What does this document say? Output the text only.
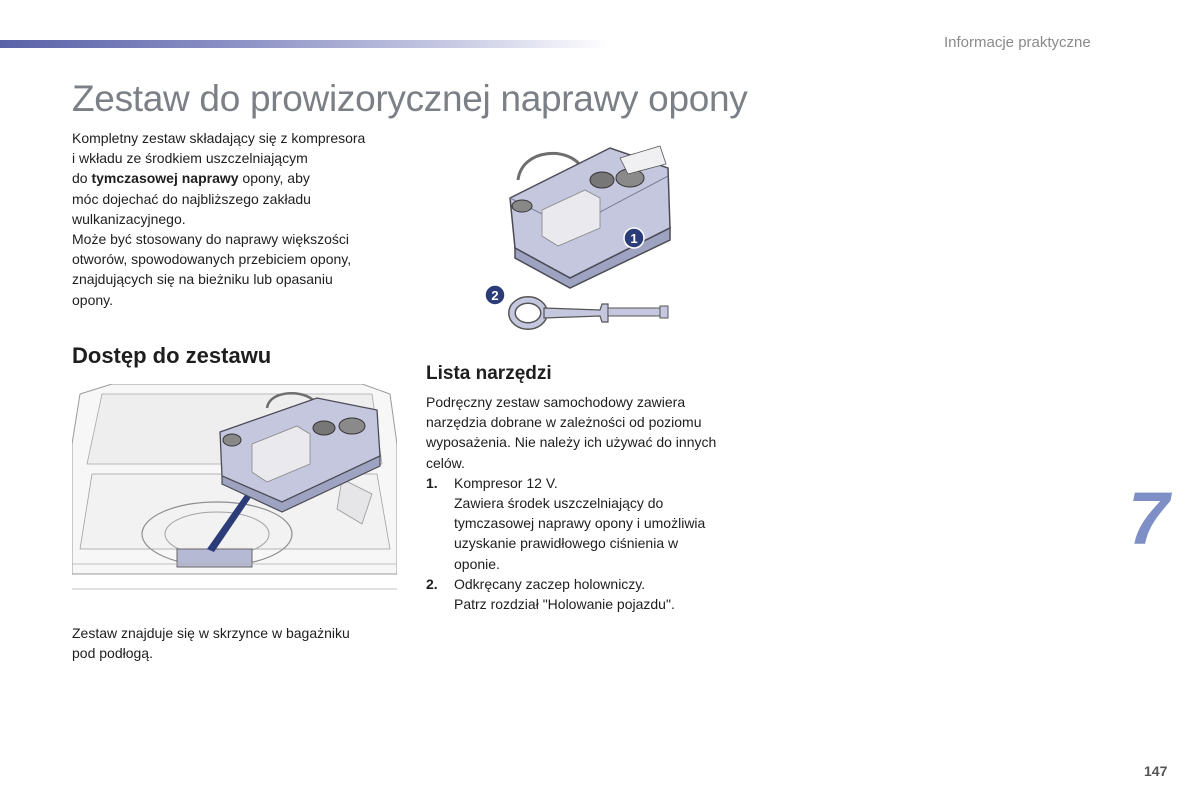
Informacje praktyczne
Zestaw do prowizorycznej naprawy opony

Kompletny zestaw składający się z kompresora

i wkładu ze środkiem uszczelniającym

do tymczasowej naprawy opony, aby

móc dojechać do najbliższego zakładu

wulkanizacyjnego.

Może być stosowany do naprawy większości

otworów, spowodowanych przebiciem opony,

znajdujących się na bieżniku lub opasaniu

opony.

1
2
Dostęp do zestawu

Zestaw znajduje się w skrzynce w bagażniku

pod podłogą.

Lista narzędzi

Podręczny zestaw samochodowy zawiera

narzędzia dobrane w zależności od poziomu

wyposażenia. Nie należy ich używać do innych

celów.

1.	Kompresor 12 V.

Zawiera środek uszczelniający do

tymczasowej naprawy opony i umożliwia

uzyskanie prawidłowego ciśnienia w

oponie.

2.	Odkręcany zaczep holowniczy.

Patrz rozdział "Holowanie pojazdu".

7
147
